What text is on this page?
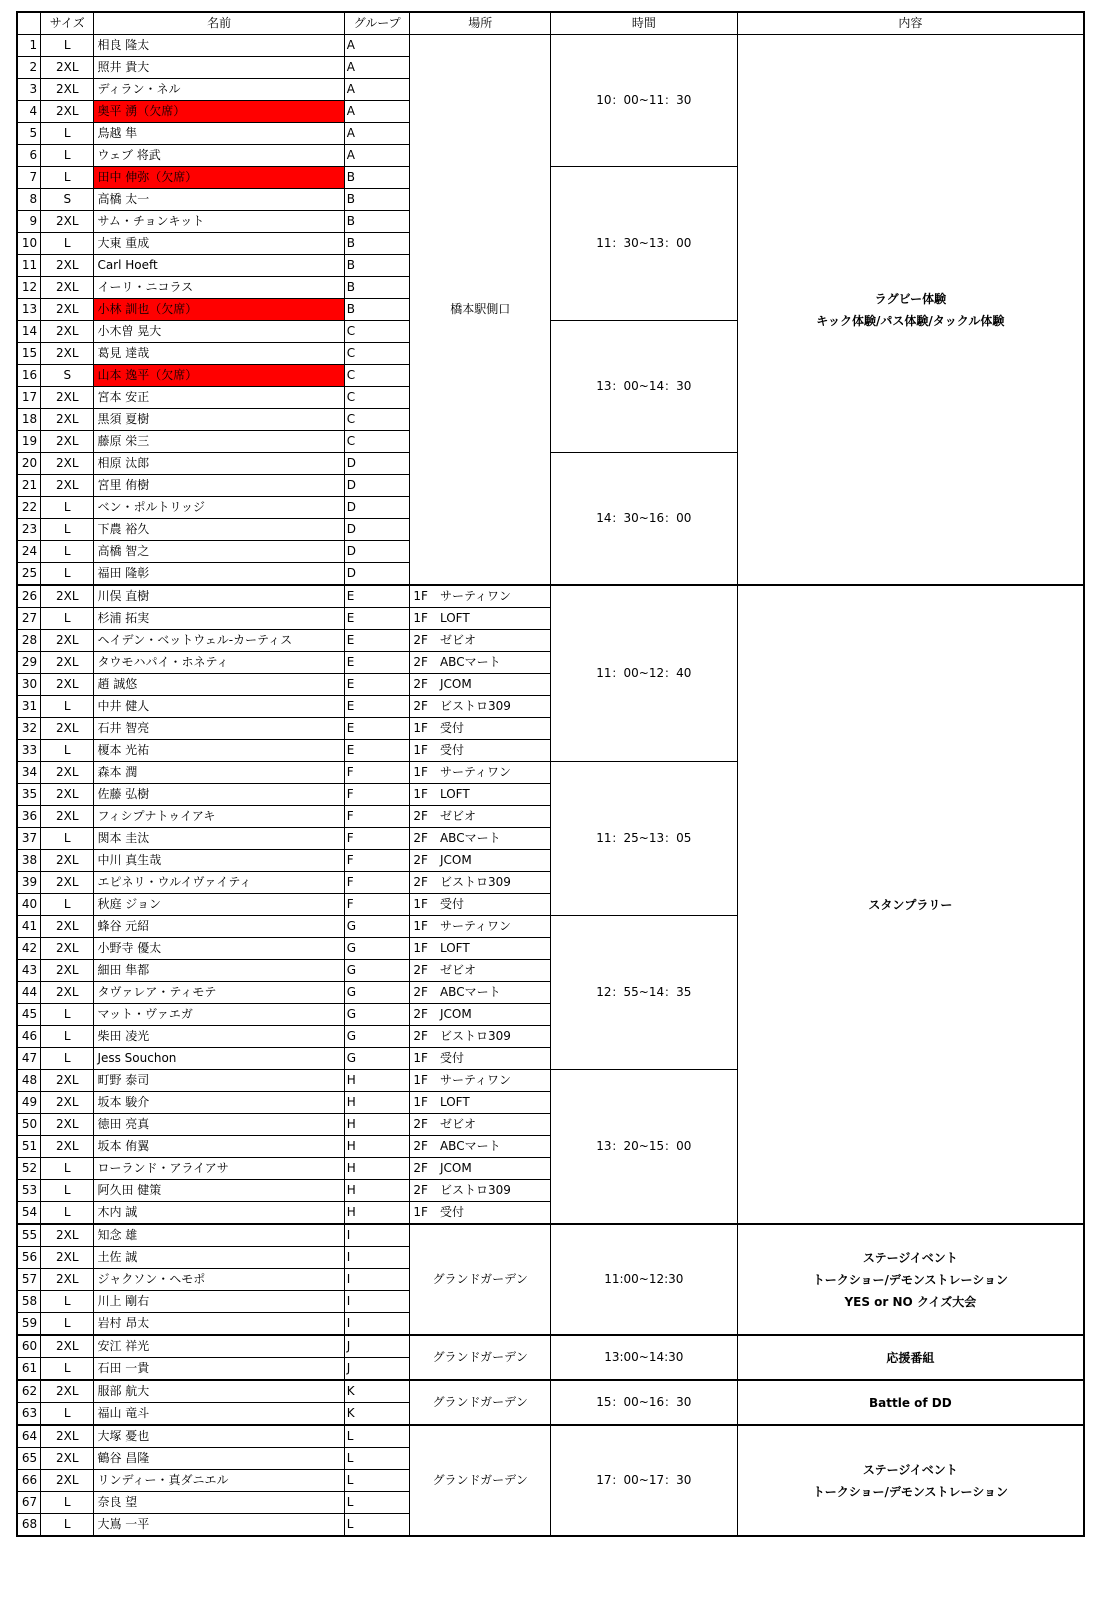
	サイズ	名前	グループ	場所	時間	内容
1	L	相良 隆太	A	橋本駅側口	10：00~11：30	ラグビー体験
キック体験/パス体験/タックル体験

2	2XL	照井 貴大	A			
3	2XL	ディラン・ネル	A			
4	2XL	奥平 湧（欠席）	A			
5	L	鳥越 隼	A			
6	L	ウェブ 将武	A			
7	L	田中 伸弥（欠席）	B		11：30~13：00	
8	S	高橋 太一	B			
9	2XL	サム・チョンキット	B			
10	L	大東 重成	B			
11	2XL	Carl Hoeft	B			
12	2XL	イーリ・ニコラス	B			
13	2XL	小林 訓也（欠席）	B			
14	2XL	小木曽 晃大	C		13：00~14：30	
15	2XL	葛見 達哉	C			
16	S	山本 逸平（欠席）	C			
17	2XL	宮本 安正	C			
18	2XL	黒須 夏樹	C			
19	2XL	藤原 栄三	C			
20	2XL	相原 汰郎	D		14：30~16：00	
21	2XL	宮里 侑樹	D			
22	L	ベン・ポルトリッジ	D			
23	L	下農 裕久	D			
24	L	高橋 智之	D			
25	L	福田 隆彰	D			
26	2XL	川俣 直樹	E	1F　サーティワン	11：00~12：40	スタンプラリー

27	L	杉浦 拓実	E	1F　LOFT		
28	2XL	ヘイデン・ベットウェル-カーティス	E	2F　ゼビオ		
29	2XL	タウモハパイ・ホネティ	E	2F　ABCマート		
30	2XL	趙 誠悠	E	2F　JCOM		
31	L	中井 健人	E	2F　ビストロ309		
32	2XL	石井 智亮	E	1F　受付		
33	L	榎本 光祐	E	1F　受付		
34	2XL	森本 潤	F	1F　サーティワン	11：25~13：05	
35	2XL	佐藤 弘樹	F	1F　LOFT		
36	2XL	フィシプナトゥイアキ	F	2F　ゼビオ		
37	L	関本 圭汰	F	2F　ABCマート		
38	2XL	中川 真生哉	F	2F　JCOM		
39	2XL	エピネリ・ウルイヴァイティ	F	2F　ビストロ309		
40	L	秋庭 ジョン	F	1F　受付		
41	2XL	蜂谷 元紹	G	1F　サーティワン	12：55~14：35	
42	2XL	小野寺 優太	G	1F　LOFT		
43	2XL	細田 隼都	G	2F　ゼビオ		
44	2XL	タヴァレア・ティモテ	G	2F　ABCマート		
45	L	マット・ヴァエガ	G	2F　JCOM		
46	L	柴田 凌光	G	2F　ビストロ309		
47	L	Jess Souchon	G	1F　受付		
48	2XL	町野 泰司	H	1F　サーティワン	13：20~15：00	
49	2XL	坂本 駿介	H	1F　LOFT		
50	2XL	徳田 亮真	H	2F　ゼビオ		
51	2XL	坂本 侑翼	H	2F　ABCマート		
52	L	ローランド・アライアサ	H	2F　JCOM		
53	L	阿久田 健策	H	2F　ビストロ309		
54	L	木内 誠	H	1F　受付		
55	2XL	知念 雄	I	グランドガーデン	11:00~12:30	ステージイベント
トークショー/デモンストレーション
YES or NO クイズ大会

56	2XL	土佐 誠	I			
57	2XL	ジャクソン・ヘモポ	I			
58	L	川上 剛右	I			
59	L	岩村 昂太	I			
60	2XL	安江 祥光	J	グランドガーデン	13:00~14:30	応援番組

61	L	石田 一貴	J			
62	2XL	服部 航大	K	グランドガーデン	15：00~16：30	Battle of DD

63	L	福山 竜斗	K			
64	2XL	大塚 憂也	L	グランドガーデン	17：00~17：30	ステージイベント
トークショー/デモンストレーション

65	2XL	鶴谷 昌隆	L			
66	2XL	リンディー・真ダニエル	L			
67	L	奈良 望	L			
68	L	大嶌 一平	L			
